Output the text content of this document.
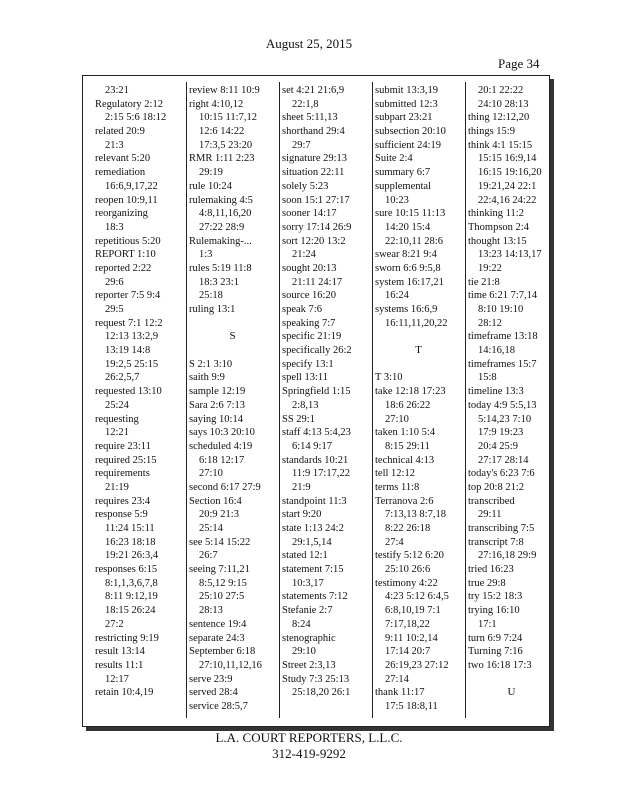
August 25, 2015
Page 34
23:21
Regulatory 2:12
2:15 5:6 18:12
related 20:9
21:3
relevant 5:20
remediation
16:6,9,17,22
reopen 10:9,11
reorganizing
18:3
repetitious 5:20
REPORT 1:10
reported 2:22
29:6
reporter 7:5 9:4
29:5
request 7:1 12:2
12:13 13:2,9
13:19 14:8
19:2,5 25:15
26:2,5,7
requested 13:10
25:24
requesting
12:21
require 23:11
required 25:15
requirements
21:19
requires 23:4
response 5:9
11:24 15:11
16:23 18:18
19:21 26:3,4
responses 6:15
8:1,1,3,6,7,8
8:11 9:12,19
18:15 26:24
27:2
restricting 9:19
result 13:14
results 11:1
12:17
retain 10:4,19
review 8:11 10:9
right 4:10,12
10:15 11:7,12
12:6 14:22
17:3,5 23:20
RMR 1:11 2:23
29:19
rule 10:24
rulemaking 4:5
4:8,11,16,20
27:22 28:9
Rulemaking-...
1:3
rules 5:19 11:8
18:3 23:1
25:18
ruling 13:1
S
S 2:1 3:10
saith 9:9
sample 12:19
Sara 2:6 7:13
saying 10:14
says 10:3 20:10
scheduled 4:19
6:18 12:17
27:10
second 6:17 27:9
Section 16:4
20:9 21:3
25:14
see 5:14 15:22
26:7
seeing 7:11,21
8:5,12 9:15
25:10 27:5
28:13
sentence 19:4
separate 24:3
September 6:18
27:10,11,12,16
serve 23:9
served 28:4
service 28:5,7
set 4:21 21:6,9
22:1,8
sheet 5:11,13
shorthand 29:4
29:7
signature 29:13
situation 22:11
solely 5:23
soon 15:1 27:17
sooner 14:17
sorry 17:14 26:9
sort 12:20 13:2
21:24
sought 20:13
21:11 24:17
source 16:20
speak 7:6
speaking 7:7
specific 21:19
specifically 26:2
specify 13:1
spell 13:11
Springfield 1:15
2:8,13
SS 29:1
staff 4:13 5:4,23
6:14 9:17
standards 10:21
11:9 17:17,22
21:9
standpoint 11:3
start 9:20
state 1:13 24:2
29:1,5,14
stated 12:1
statement 7:15
10:3,17
statements 7:12
Stefanie 2:7
8:24
stenographic
29:10
Street 2:3,13
Study 7:3 25:13
25:18,20 26:1
submit 13:3,19
submitted 12:3
subpart 23:21
subsection 20:10
sufficient 24:19
Suite 2:4
summary 6:7
supplemental
10:23
sure 10:15 11:13
14:20 15:4
22:10,11 28:6
swear 8:21 9:4
sworn 6:6 9:5,8
system 16:17,21
16:24
systems 16:6,9
16:11,11,20,22
T
T 3:10
take 12:18 17:23
18:6 26:22
27:10
taken 1:10 5:4
8:15 29:11
technical 4:13
tell 12:12
terms 11:8
Terranova 2:6
7:13,13 8:7,18
8:22 26:18
27:4
testify 5:12 6:20
25:10 26:6
testimony 4:22
4:23 5:12 6:4,5
6:8,10,19 7:1
7:17,18,22
9:11 10:2,14
17:14 20:7
26:19,23 27:12
27:14
thank 11:17
17:5 18:8,11
20:1 22:22
24:10 28:13
thing 12:12,20
things 15:9
think 4:1 15:15
15:15 16:9,14
16:15 19:16,20
19:21,24 22:1
22:4,16 24:22
thinking 11:2
Thompson 2:4
thought 13:15
13:23 14:13,17
19:22
tie 21:8
time 6:21 7:7,14
8:10 19:10
28:12
timeframe 13:18
14:16,18
timeframes 15:7
15:8
timeline 13:3
today 4:9 5:5,13
5:14,23 7:10
17:9 19:23
20:4 25:9
27:17 28:14
today's 6:23 7:6
top 20:8 21:2
transcribed
29:11
transcribing 7:5
transcript 7:8
27:16,18 29:9
tried 16:23
true 29:8
try 15:2 18:3
trying 16:10
17:1
turn 6:9 7:24
Turning 7:16
two 16:18 17:3
U
L.A. COURT REPORTERS, L.L.C.
312-419-9292
